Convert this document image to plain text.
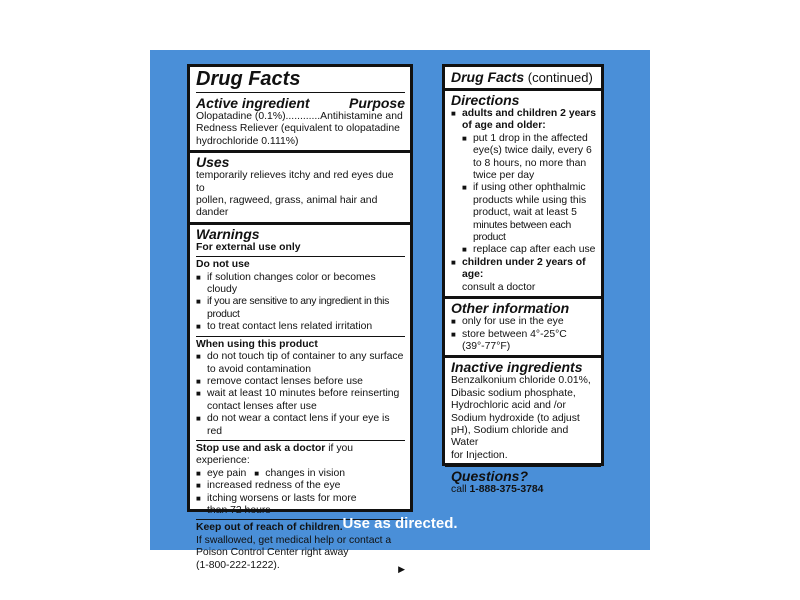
Drug Facts
Active ingredient	Purpose
Olopatadine (0.1%)............Antihistamine and
Redness Reliever (equivalent to olopatadine
hydrochloride 0.111%)
Uses
temporarily relieves itchy and red eyes due to
pollen, ragweed, grass, animal hair and dander
Warnings
For external use only
Do not use
■ if solution changes color or becomes cloudy
■ if you are sensitive to any ingredient in this product
■ to treat contact lens related irritation
When using this product
■ do not touch tip of container to any surface
to avoid contamination
■ remove contact lenses before use
■ wait at least 10 minutes before reinserting
contact lenses after use
■ do not wear a contact lens if your eye is red
Stop use and ask a doctor if you experience:
■ eye pain
■	changes in vision
■ increased redness of the eye
■ itching worsens or lasts for more
than 72 hours
Keep out of reach of children.
If swallowed, get medical help or contact a
Poison Control Center right away
(1-800-222-1222).	▶
Drug Facts (continued)
Directions
■ adults and children 2 years
of age and older:
■ put 1 drop in the affected
eye(s) twice daily, every 6
to 8 hours, no more than
twice per day
■ if using other ophthalmic
products while using this
product, wait at least 5
minutes between each product
■ replace cap after each use
■ children under 2 years of age:
consult a doctor
Other information
■ only for use in the eye
■ store between 4°-25°C
(39°-77°F)
Inactive ingredients
Benzalkonium chloride 0.01%,
Dibasic sodium phosphate,
Hydrochloric acid and /or
Sodium hydroxide (to adjust
pH), Sodium chloride and Water
for Injection.
Questions?
call 1-888-375-3784
Use as directed.
